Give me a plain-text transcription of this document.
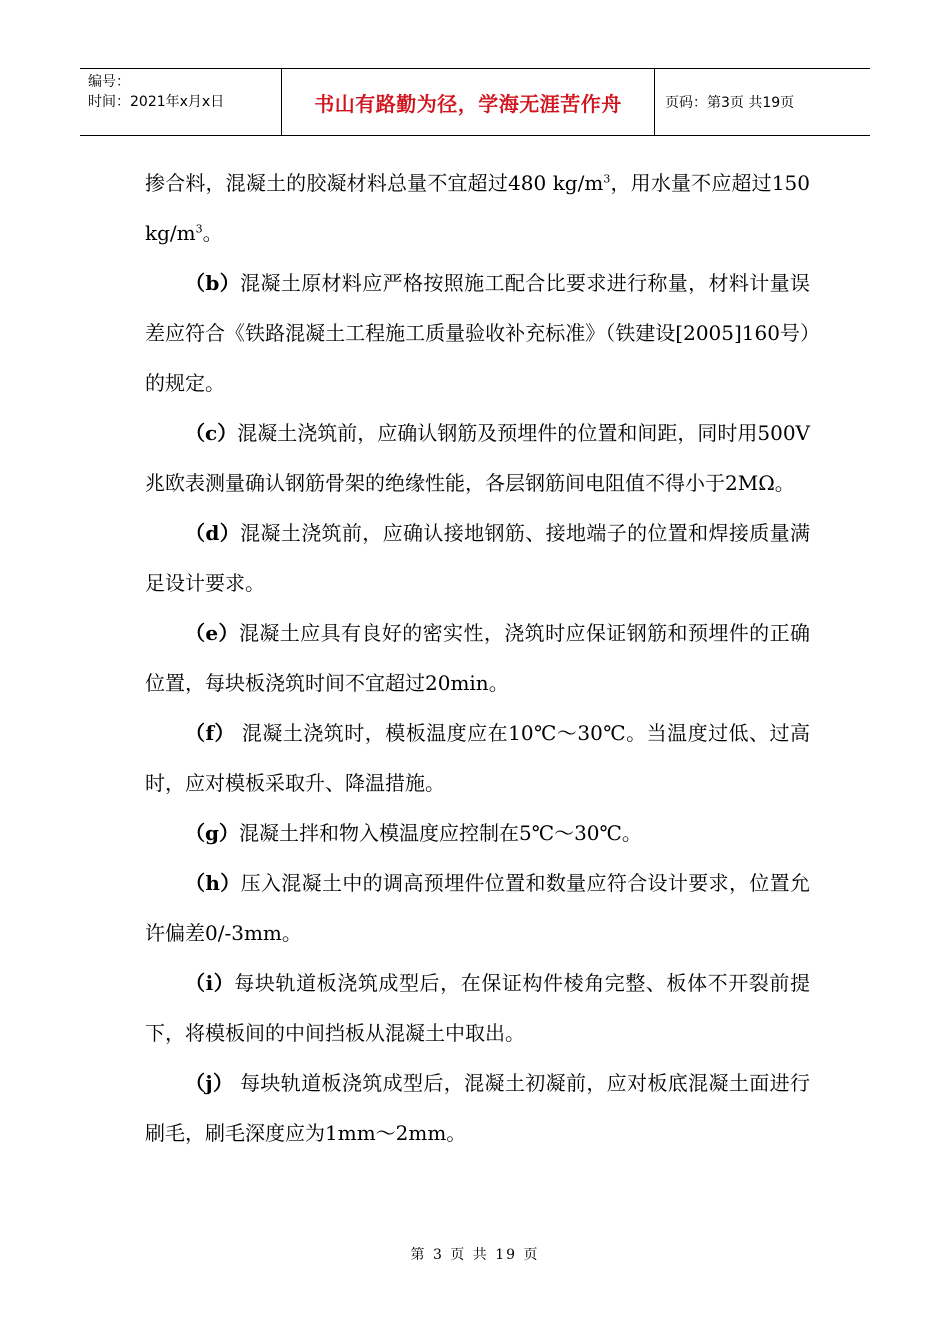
编号：
时间：2021年x月x日	书山有路勤为径，学海无涯苦作舟	页码：第3页 共19页

掺合料，混凝土的胶凝材料总量不宜超过480 $kg/m^3$，用水量不应超过150 $kg/m^3$。

（b）混凝土原材料应严格按照施工配合比要求进行称量，材料计量误差应符合《铁路混凝土工程施工质量验收补充标准》（铁建设[2005]160号）的规定。

（c）混凝土浇筑前，应确认钢筋及预埋件的位置和间距，同时用500V兆欧表测量确认钢筋骨架的绝缘性能，各层钢筋间电阻值不得小于2MΩ。

（d）混凝土浇筑前，应确认接地钢筋、接地端子的位置和焊接质量满足设计要求。

（e）混凝土应具有良好的密实性，浇筑时应保证钢筋和预埋件的正确位置，每块板浇筑时间不宜超过20min。

（f） 混凝土浇筑时，模板温度应在10℃～30℃。当温度过低、过高时，应对模板采取升、降温措施。

（g）混凝土拌和物入模温度应控制在5℃～30℃。

（h）压入混凝土中的调高预埋件位置和数量应符合设计要求，位置允许偏差0/-3mm。

（i）每块轨道板浇筑成型后，在保证构件棱角完整、板体不开裂前提下，将模板间的中间挡板从混凝土中取出。

（j） 每块轨道板浇筑成型后，混凝土初凝前，应对板底混凝土面进行刷毛，刷毛深度应为1mm～2mm。

第 3 页 共 19 页
